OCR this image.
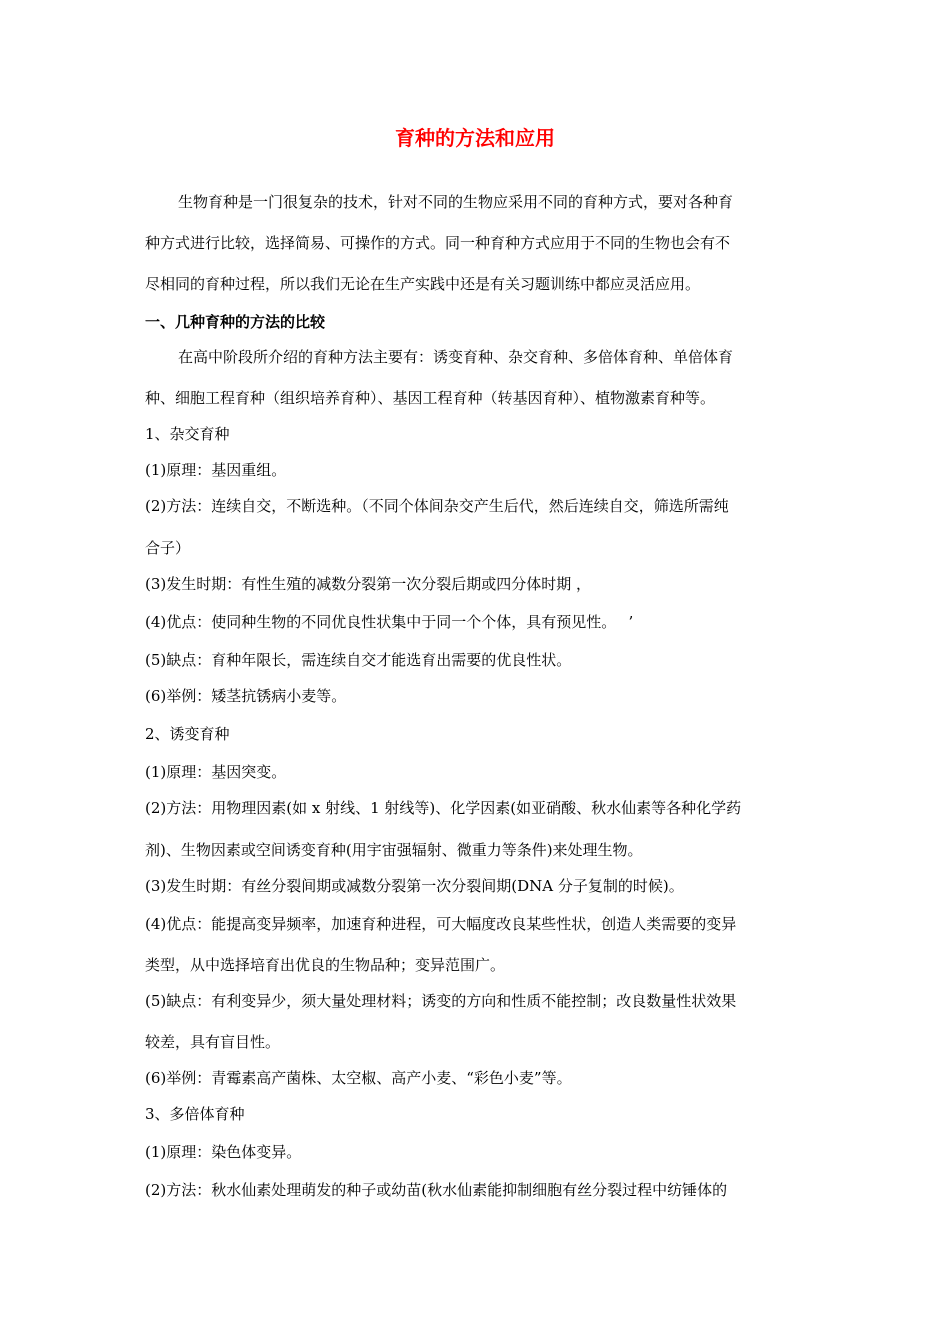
育种的方法和应用

生物育种是一门很复杂的技术，针对不同的生物应采用不同的育种方式，要对各种育

种方式进行比较，选择简易、可操作的方式。同一种育种方式应用于不同的生物也会有不

尽相同的育种过程，所以我们无论在生产实践中还是有关习题训练中都应灵活应用。

一、几种育种的方法的比较

在高中阶段所介绍的育种方法主要有：诱变育种、杂交育种、多倍体育种、单倍体育

种、细胞工程育种（组织培养育种）、基因工程育种（转基因育种）、植物激素育种等。

1、杂交育种

(1)原理：基因重组。

(2)方法：连续自交，不断选种。（不同个体间杂交产生后代，然后连续自交，筛选所需纯

合子）

(3)发生时期：有性生殖的减数分裂第一次分裂后期或四分体时期 ，

(4)优点：使同种生物的不同优良性状集中于同一个个体，具有预见性。　 ’

(5)缺点：育种年限长，需连续自交才能选育出需要的优良性状。

(6)举例：矮茎抗锈病小麦等。

2、诱变育种

(1)原理：基因突变。

(2)方法：用物理因素(如 x 射线、1 射线等)、化学因素(如亚硝酸、秋水仙素等各种化学药

剂)、生物因素或空间诱变育种(用宇宙强辐射、微重力等条件)来处理生物。

(3)发生时期：有丝分裂间期或减数分裂第一次分裂间期(DNA 分子复制的时候)。

(4)优点：能提高变异频率，加速育种进程，可大幅度改良某些性状，创造人类需要的变异

类型，从中选择培育出优良的生物品种；变异范围广。

(5)缺点：有利变异少，须大量处理材料；诱变的方向和性质不能控制；改良数量性状效果

较差，具有盲目性。

(6)举例：青霉素高产菌株、太空椒、高产小麦、“彩色小麦”等。

3、多倍体育种

(1)原理：染色体变异。

(2)方法：秋水仙素处理萌发的种子或幼苗(秋水仙素能抑制细胞有丝分裂过程中纺锤体的
